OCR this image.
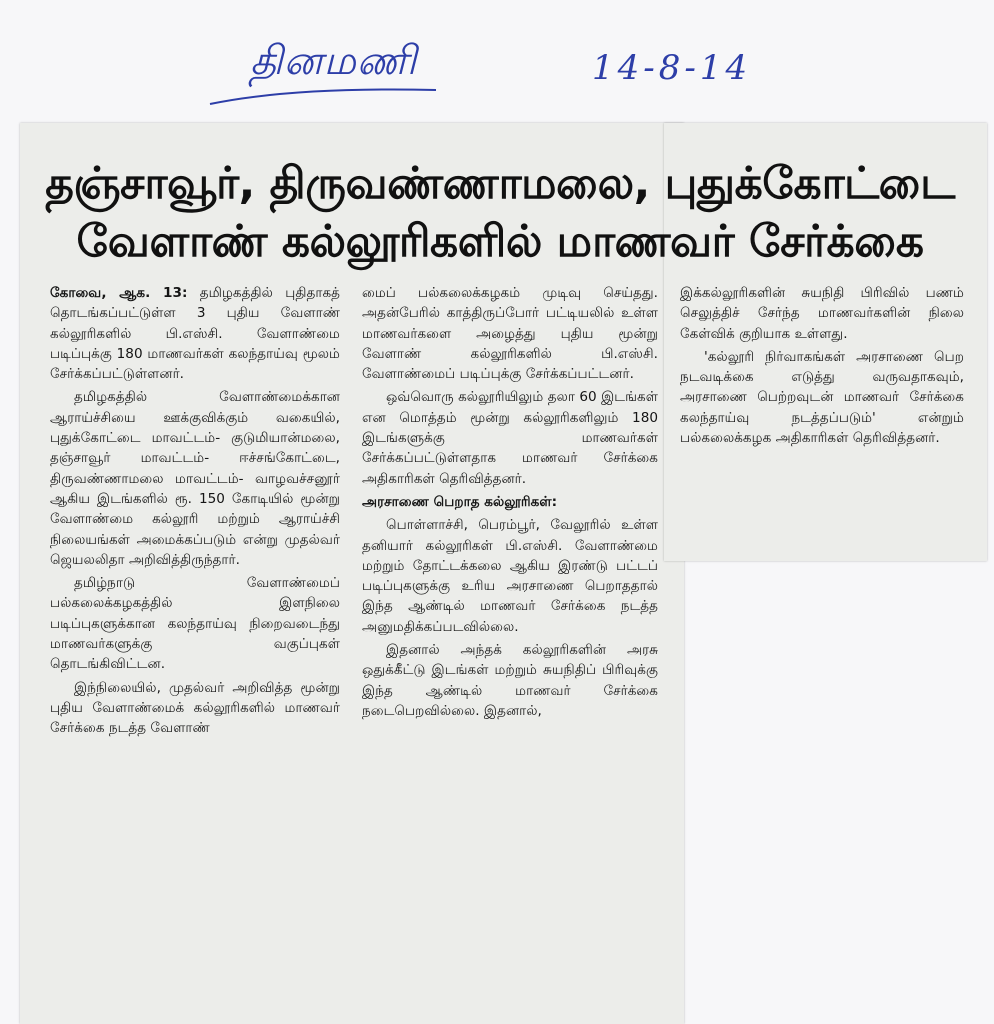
தினமணி	14-8-14
தஞ்சாவூர், திருவண்ணாமலை, புதுக்கோட்டை
வேளாண் கல்லூரிகளில் மாணவர் சேர்க்கை

கோவை, ஆக. 13: தமிழகத்தில் புதிதாகத் தொடங்கப்பட்டுள்ள 3 புதிய வேளாண் கல்லூரிகளில் பி.எஸ்சி. வேளாண்மை படிப்புக்கு 180 மாணவர்கள் கலந்தாய்வு மூலம் சேர்க்கப்பட்டுள்ளனர்.

தமிழகத்தில் வேளாண்மைக்கான ஆராய்ச்சியை ஊக்குவிக்கும் வகையில், புதுக்கோட்டை மாவட்டம்- குடுமியான்மலை, தஞ்சாவூர் மாவட்டம்- ஈச்சங்கோட்டை, திருவண்ணாமலை மாவட்டம்- வாழவச்சனூர் ஆகிய இடங்களில் ரூ. 150 கோடியில் மூன்று வேளாண்மை கல்லூரி மற்றும் ஆராய்ச்சி நிலையங்கள் அமைக்கப்படும் என்று முதல்வர் ஜெயலலிதா அறிவித்திருந்தார்.

தமிழ்நாடு வேளாண்மைப் பல்கலைக்கழகத்தில் இளநிலை படிப்புகளுக்கான கலந்தாய்வு நிறைவடைந்து மாணவர்களுக்கு வகுப்புகள் தொடங்கிவிட்டன.

இந்நிலையில், முதல்வர் அறிவித்த மூன்று புதிய வேளாண்மைக் கல்லூரிகளில் மாணவர் சேர்க்கை நடத்த வேளாண்

மைப் பல்கலைக்கழகம் முடிவு செய்தது. அதன்பேரில் காத்திருப்போர் பட்டியலில் உள்ள மாணவர்களை அழைத்து புதிய மூன்று வேளாண் கல்லூரிகளில் பி.எஸ்சி. வேளாண்மைப் படிப்புக்கு சேர்க்கப்பட்டனர்.

ஒவ்வொரு கல்லூரியிலும் தலா 60 இடங்கள் என மொத்தம் மூன்று கல்லூரிகளிலும் 180 இடங்களுக்கு மாணவர்கள் சேர்க்கப்பட்டுள்ளதாக மாணவர் சேர்க்கை அதிகாரிகள் தெரிவித்தனர்.

அரசாணை பெறாத கல்லூரிகள்:

பொள்ளாச்சி, பெரம்பூர், வேலூரில் உள்ள தனியார் கல்லூரிகள் பி.எஸ்சி. வேளாண்மை மற்றும் தோட்டக்கலை ஆகிய இரண்டு பட்டப் படிப்புகளுக்கு உரிய அரசாணை பெறாததால் இந்த ஆண்டில் மாணவர் சேர்க்கை நடத்த அனுமதிக்கப்படவில்லை.

இதனால் அந்தக் கல்லூரிகளின் அரசு ஒதுக்கீட்டு இடங்கள் மற்றும் சுயநிதிப் பிரிவுக்கு இந்த ஆண்டில் மாணவர் சேர்க்கை நடைபெறவில்லை. இதனால்,

இக்கல்லூரிகளின் சுயநிதி பிரிவில் பணம் செலுத்திச் சேர்ந்த மாணவர்களின் நிலை கேள்விக் குறியாக உள்ளது.

'கல்லூரி நிர்வாகங்கள் அரசாணை பெற நடவடிக்கை எடுத்து வருவதாகவும், அரசாணை பெற்றவுடன் மாணவர் சேர்க்கை கலந்தாய்வு நடத்தப்படும்' என்றும் பல்கலைக்கழக அதிகாரிகள் தெரிவித்தனர்.
